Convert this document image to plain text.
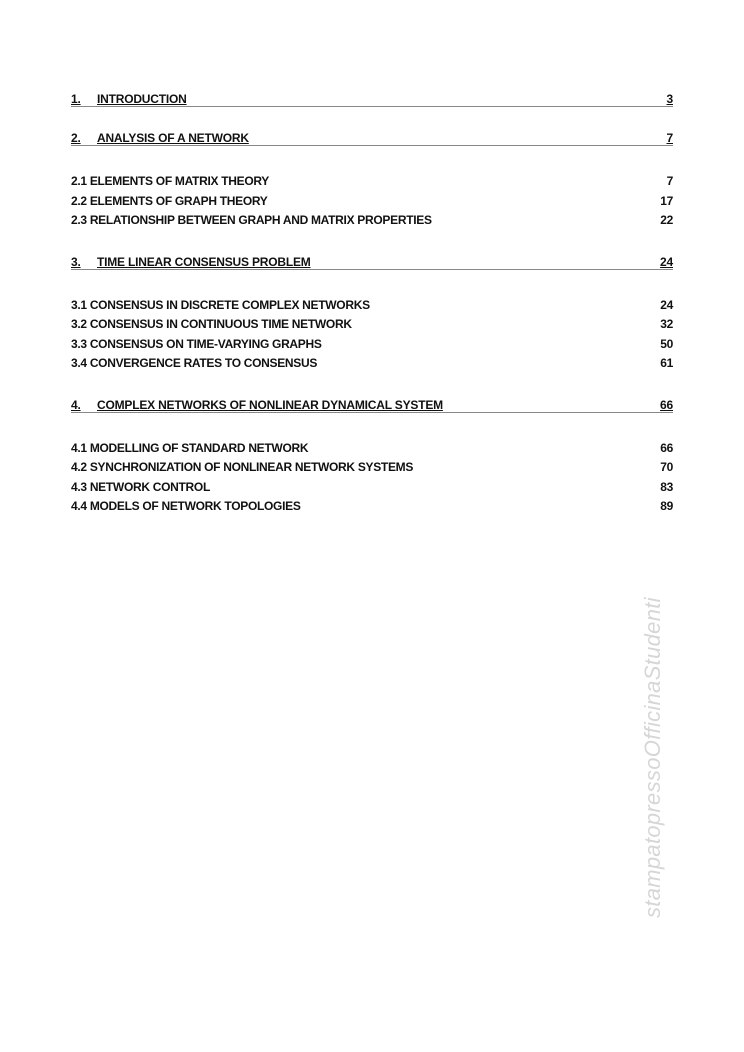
1.	INTRODUCTION	3
2.	ANALYSIS OF A NETWORK	7
2.1 ELEMENTS OF MATRIX THEORY	7
2.2 ELEMENTS OF GRAPH THEORY	17
2.3 RELATIONSHIP BETWEEN GRAPH AND MATRIX PROPERTIES	22
3.	TIME LINEAR CONSENSUS PROBLEM	24
3.1 CONSENSUS IN DISCRETE COMPLEX NETWORKS	24
3.2 CONSENSUS IN CONTINUOUS TIME NETWORK	32
3.3 CONSENSUS ON TIME-VARYING GRAPHS	50
3.4 CONVERGENCE RATES TO CONSENSUS	61
4.	COMPLEX NETWORKS OF NONLINEAR DYNAMICAL SYSTEM	66
4.1 MODELLING OF STANDARD NETWORK	66
4.2 SYNCHRONIZATION OF NONLINEAR NETWORK SYSTEMS	70
4.3 NETWORK CONTROL	83
4.4 MODELS OF NETWORK TOPOLOGIES	89
stampatopressoOfficinaStudenti
